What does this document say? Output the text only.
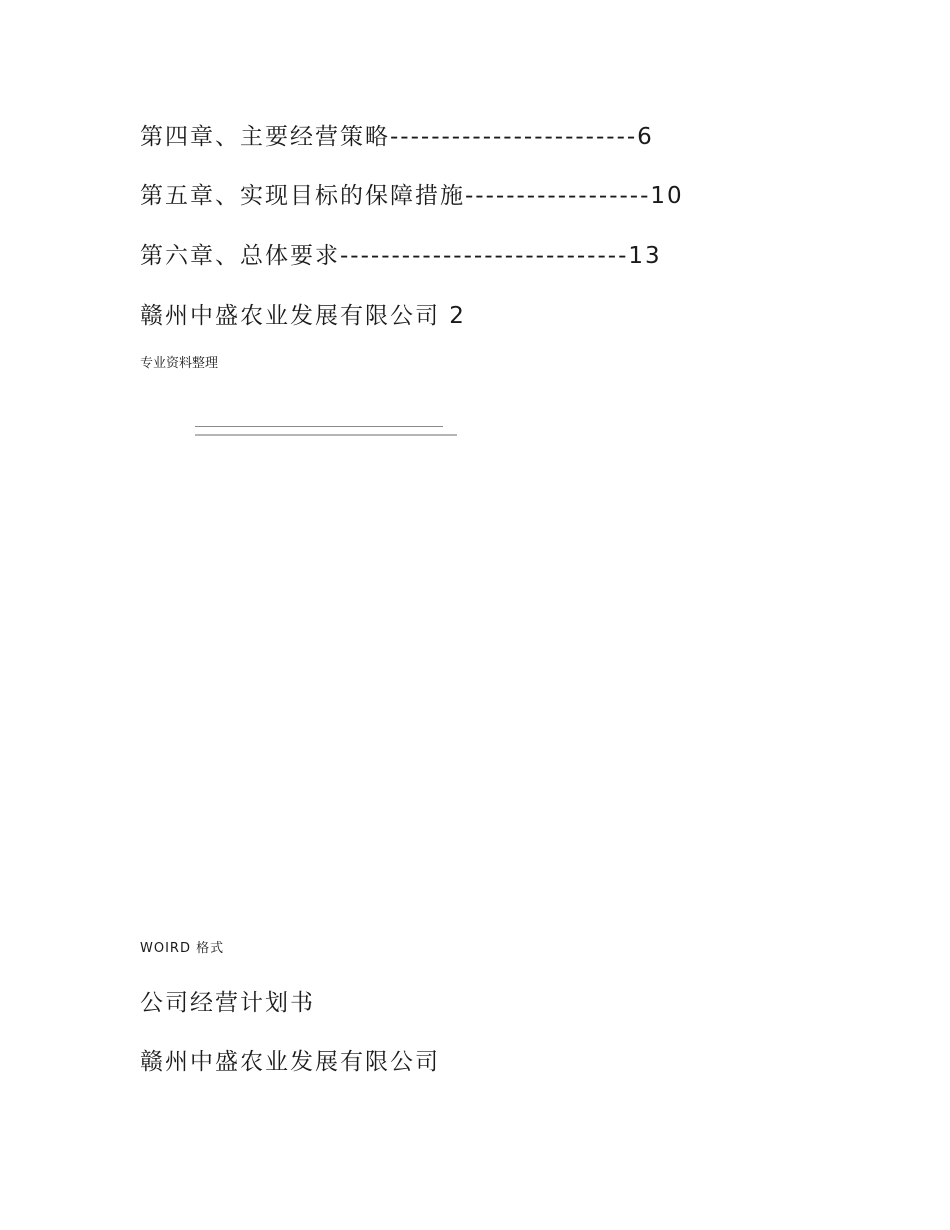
第四章、主要经营策略------------------------6
第五章、实现目标的保障措施------------------10
第六章、总体要求----------------------------13
赣州中盛农业发展有限公司 2
专业资料整理
WOIRD 格式
公司经营计划书
赣州中盛农业发展有限公司
